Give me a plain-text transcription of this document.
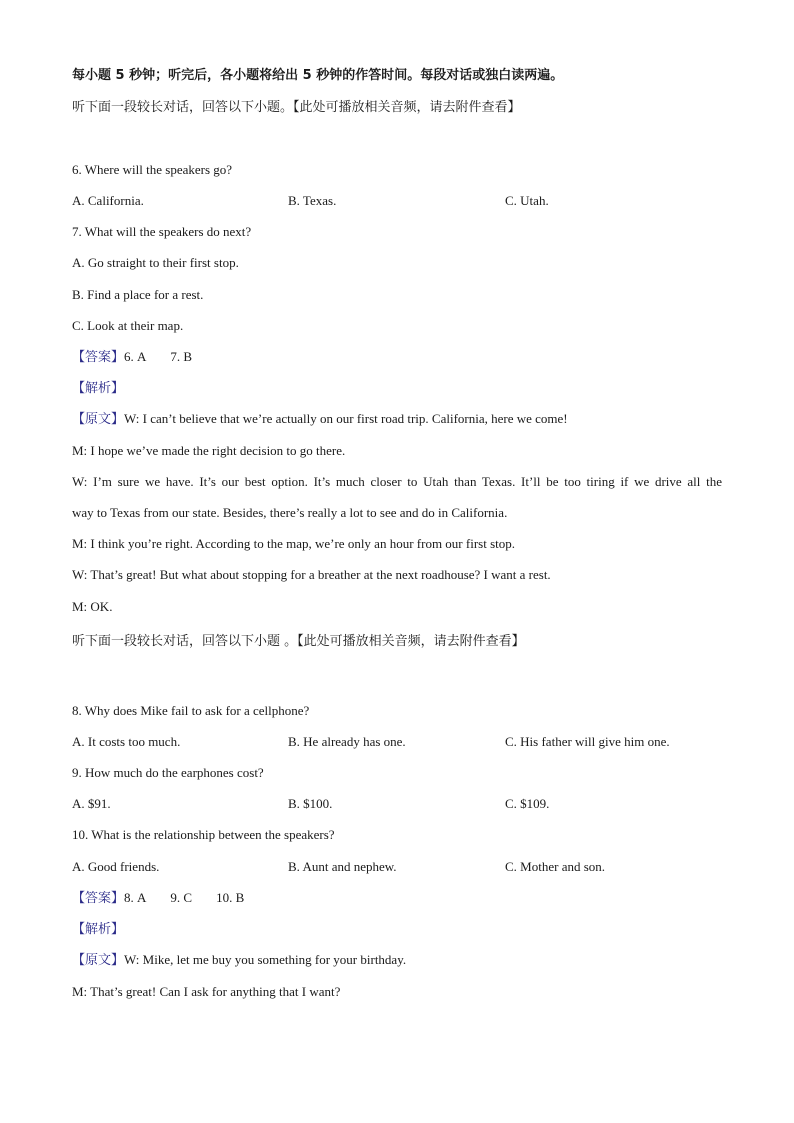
每小题 5 秒钟；听完后，各小题将给出 5 秒钟的作答时间。每段对话或独白读两遍。
听下面一段较长对话，回答以下小题。【此处可播放相关音频，请去附件查看】
6. Where will the speakers go?
A. California.	B. Texas.	C. Utah.
7. What will the speakers do next?
A. Go straight to their first stop.
B. Find a place for a rest.
C. Look at their map.
【答案】6. A 7. B
【解析】
【原文】W: I can’t believe that we’re actually on our first road trip. California, here we come!
M: I hope we’ve made the right decision to go there.
W: I’m sure we have. It’s our best option. It’s much closer to Utah than Texas. It’ll be too tiring if we drive all the
way to Texas from our state. Besides, there’s really a lot to see and do in California.
M: I think you’re right. According to the map, we’re only an hour from our first stop.
W: That’s great! But what about stopping for a breather at the next roadhouse? I want a rest.
M: OK.
听下面一段较长对话，回答以下小题 。【此处可播放相关音频，请去附件查看】
8. Why does Mike fail to ask for a cellphone?
A. It costs too much.	B. He already has one.	C. His father will give him one.
9. How much do the earphones cost?
A. $91.	B. $100.	C. $109.
10. What is the relationship between the speakers?
A. Good friends.	B. Aunt and nephew.	C. Mother and son.
【答案】8. A 9. C 10. B
【解析】
【原文】W: Mike, let me buy you something for your birthday.
M: That’s great! Can I ask for anything that I want?
